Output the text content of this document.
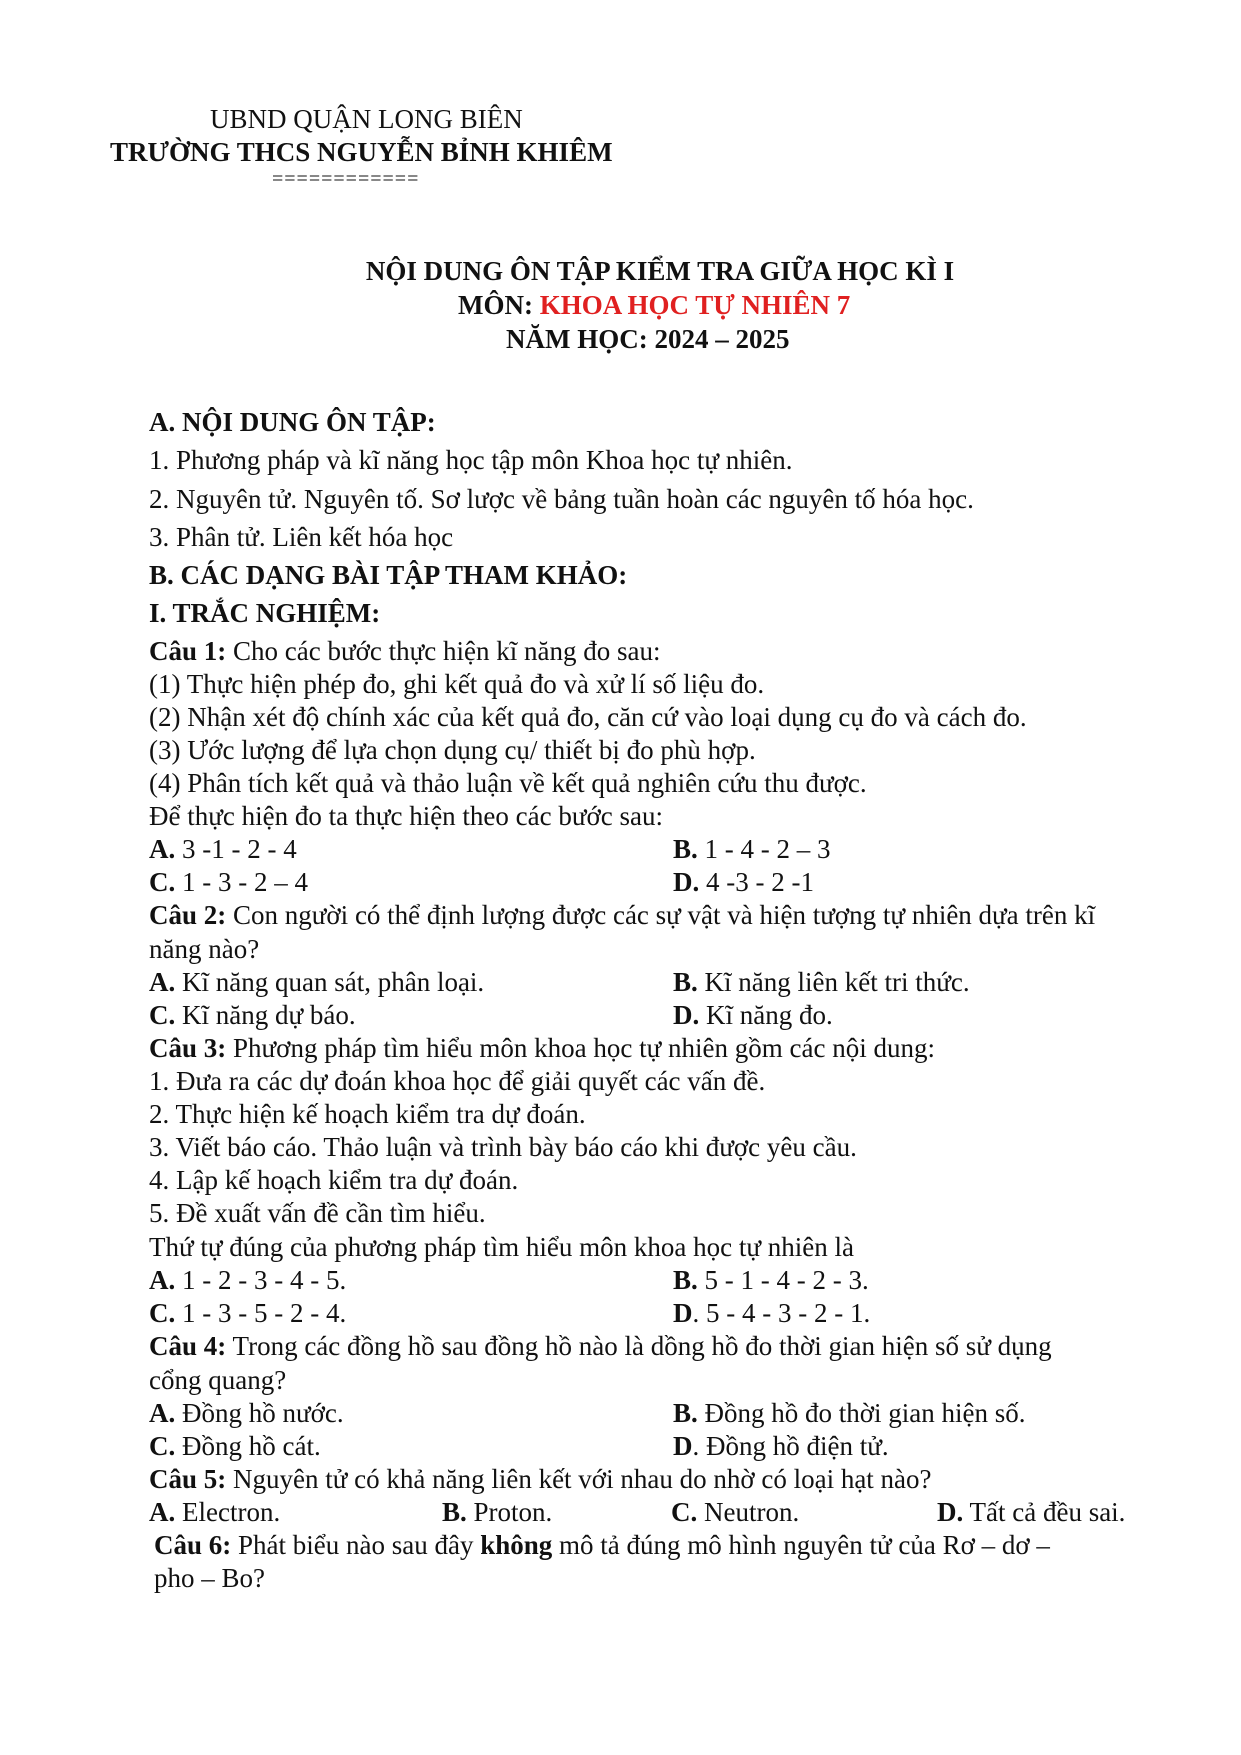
UBND QUẬN LONG BIÊN
TRƯỜNG THCS NGUYỄN BỈNH KHIÊM
============
NỘI DUNG ÔN TẬP KIỂM TRA GIỮA HỌC KÌ I
MÔN: KHOA HỌC TỰ NHIÊN 7
NĂM HỌC: 2024 – 2025
A. NỘI DUNG ÔN TẬP:
1. Phương pháp và kĩ năng học tập môn Khoa học tự nhiên.
2. Nguyên tử. Nguyên tố. Sơ lược về bảng tuần hoàn các nguyên tố hóa học.
3. Phân tử. Liên kết hóa học
B. CÁC DẠNG BÀI TẬP THAM KHẢO:
I. TRẮC NGHIỆM:
Câu 1: Cho các bước thực hiện kĩ năng đo sau:
(1) Thực hiện phép đo, ghi kết quả đo và xử lí số liệu đo.
(2) Nhận xét độ chính xác của kết quả đo, căn cứ vào loại dụng cụ đo và cách đo.
(3) Ước lượng để lựa chọn dụng cụ/ thiết bị đo phù hợp.
(4) Phân tích kết quả và thảo luận về kết quả nghiên cứu thu được.
Để thực hiện đo ta thực hiện theo các bước sau:
A. 3 -1 - 2 - 4	B. 1 - 4 - 2 – 3
C. 1 - 3 - 2 – 4	D. 4 -3 - 2 -1
Câu 2: Con người có thể định lượng được các sự vật và hiện tượng tự nhiên dựa trên kĩ
năng nào?
A. Kĩ năng quan sát, phân loại.	B. Kĩ năng liên kết tri thức.
C. Kĩ năng dự báo.	D. Kĩ năng đo.
Câu 3: Phương pháp tìm hiểu môn khoa học tự nhiên gồm các nội dung:
1. Đưa ra các dự đoán khoa học để giải quyết các vấn đề.
2. Thực hiện kế hoạch kiểm tra dự đoán.
3. Viết báo cáo. Thảo luận và trình bày báo cáo khi được yêu cầu.
4. Lập kế hoạch kiểm tra dự đoán.
5. Đề xuất vấn đề cần tìm hiểu.
Thứ tự đúng của phương pháp tìm hiểu môn khoa học tự nhiên là
A. 1 - 2 - 3 - 4 - 5.	B. 5 - 1 - 4 - 2 - 3.
C. 1 - 3 - 5 - 2 - 4.	D. 5 - 4 - 3 - 2 - 1.
Câu 4: Trong các đồng hồ sau đồng hồ nào là dồng hồ đo thời gian hiện số sử dụng
cổng quang?
A. Đồng hồ nước.	B. Đồng hồ đo thời gian hiện số.
C. Đồng hồ cát.	D. Đồng hồ điện tử.
Câu 5: Nguyên tử có khả năng liên kết với nhau do nhờ có loại hạt nào?
A. Electron.	B. Proton.	C. Neutron.	D. Tất cả đều sai.
Câu 6: Phát biểu nào sau đây không mô tả đúng mô hình nguyên tử của Rơ – dơ –
pho – Bo?
